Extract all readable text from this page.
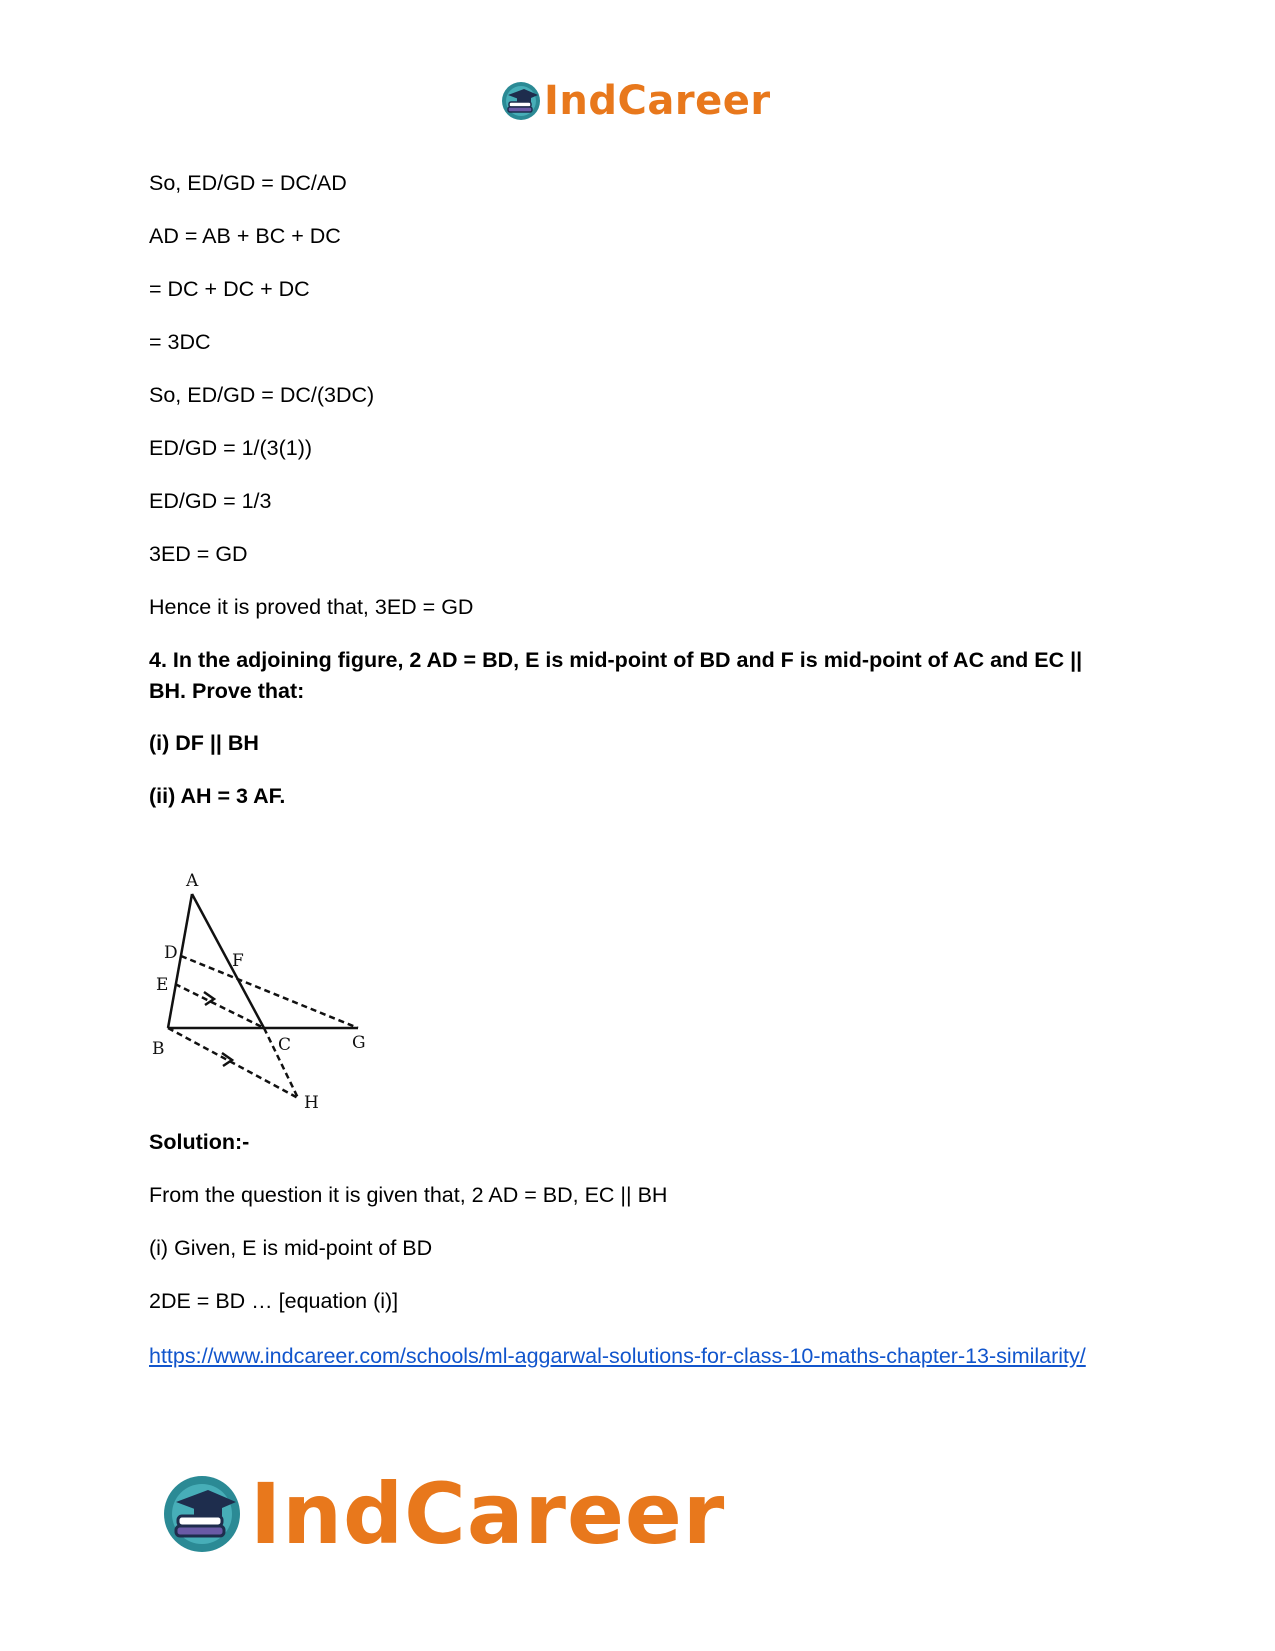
IndCareer
So, ED/GD = DC/AD
AD = AB + BC + DC
= DC + DC + DC
= 3DC
So, ED/GD = DC/(3DC)
ED/GD = 1/(3(1))
ED/GD = 1/3
3ED = GD
Hence it is proved that, 3ED = GD
4. In the adjoining figure, 2 AD = BD, E is mid-point of BD and F is mid-point of AC and EC || BH. Prove that:
(i) DF || BH
(ii) AH = 3 AF.
Solution:-
From the question it is given that, 2 AD = BD, EC || BH
(i) Given, E is mid-point of BD
2DE = BD … [equation (i)]
https://www.indcareer.com/schools/ml-aggarwal-solutions-for-class-10-maths-chapter-13-similarity/
A
D	F
E
B	C	G
H
IndCareer
